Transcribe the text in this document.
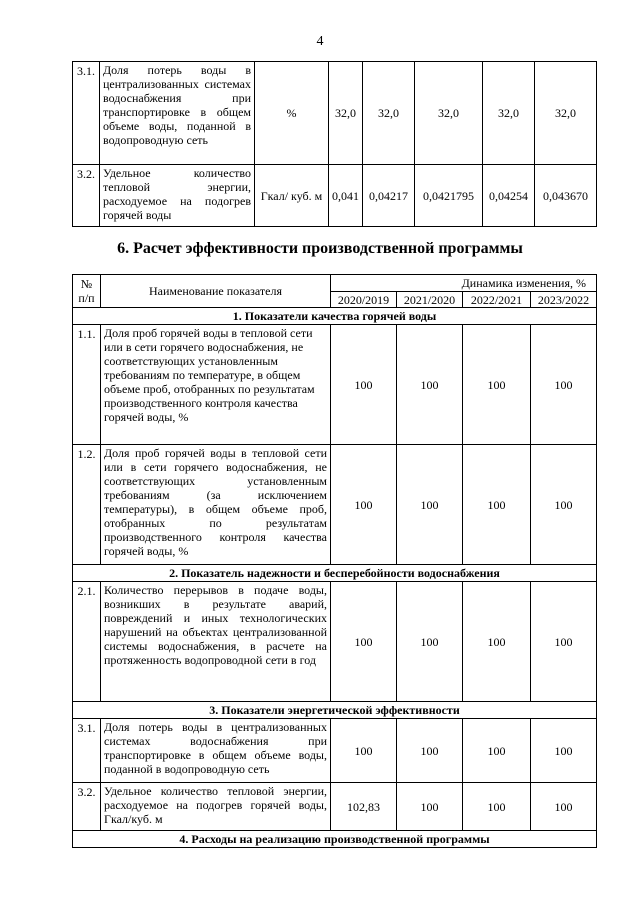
4
3.1.	Доля потерь воды в централизованных системах водоснабжения при транспортировке в общем объеме воды, поданной в водопроводную сеть	%	32,0	32,0	32,0	32,0	32,0
3.2.	Удельное количество тепловой энергии, расходуемое на подогрев горячей воды	Гкал/ куб. м	0,041	0,04217	0,0421795	0,04254	0,043670
6. Расчет эффективности производственной программы
№ п/п	Наименование показателя	Динамика изменения, %			
		2020/2019	2021/2020	2022/2021	2023/2022
1. Показатели качества горячей воды					
1.1.	Доля проб горячей воды в тепловой сети или в сети горячего водоснабжения, не соответствующих установленным требованиям по температуре, в общем объеме проб, отобранных по результатам производственного контроля качества горячей воды, %	100	100	100	100
1.2.	Доля проб горячей воды в тепловой сети или в сети горячего водоснабжения, не соответствующих установленным требованиям (за исключением температуры), в общем объеме проб, отобранных по результатам производственного контроля качества горячей воды, %	100	100	100	100
2. Показатель надежности и бесперебойности водоснабжения					
2.1.	Количество перерывов в подаче воды, возникших в результате аварий, повреждений и иных технологических нарушений на объектах централизованной системы водоснабжения, в расчете на протяженность водопроводной сети в год	100	100	100	100
3. Показатели энергетической эффективности					
3.1.	Доля потерь воды в централизованных системах водоснабжения при транспортировке в общем объеме воды, поданной в водопроводную сеть	100	100	100	100
3.2.	Удельное количество тепловой энергии, расходуемое на подогрев горячей воды, Гкал/куб. м	102,83	100	100	100
4. Расходы на реализацию производственной программы					
